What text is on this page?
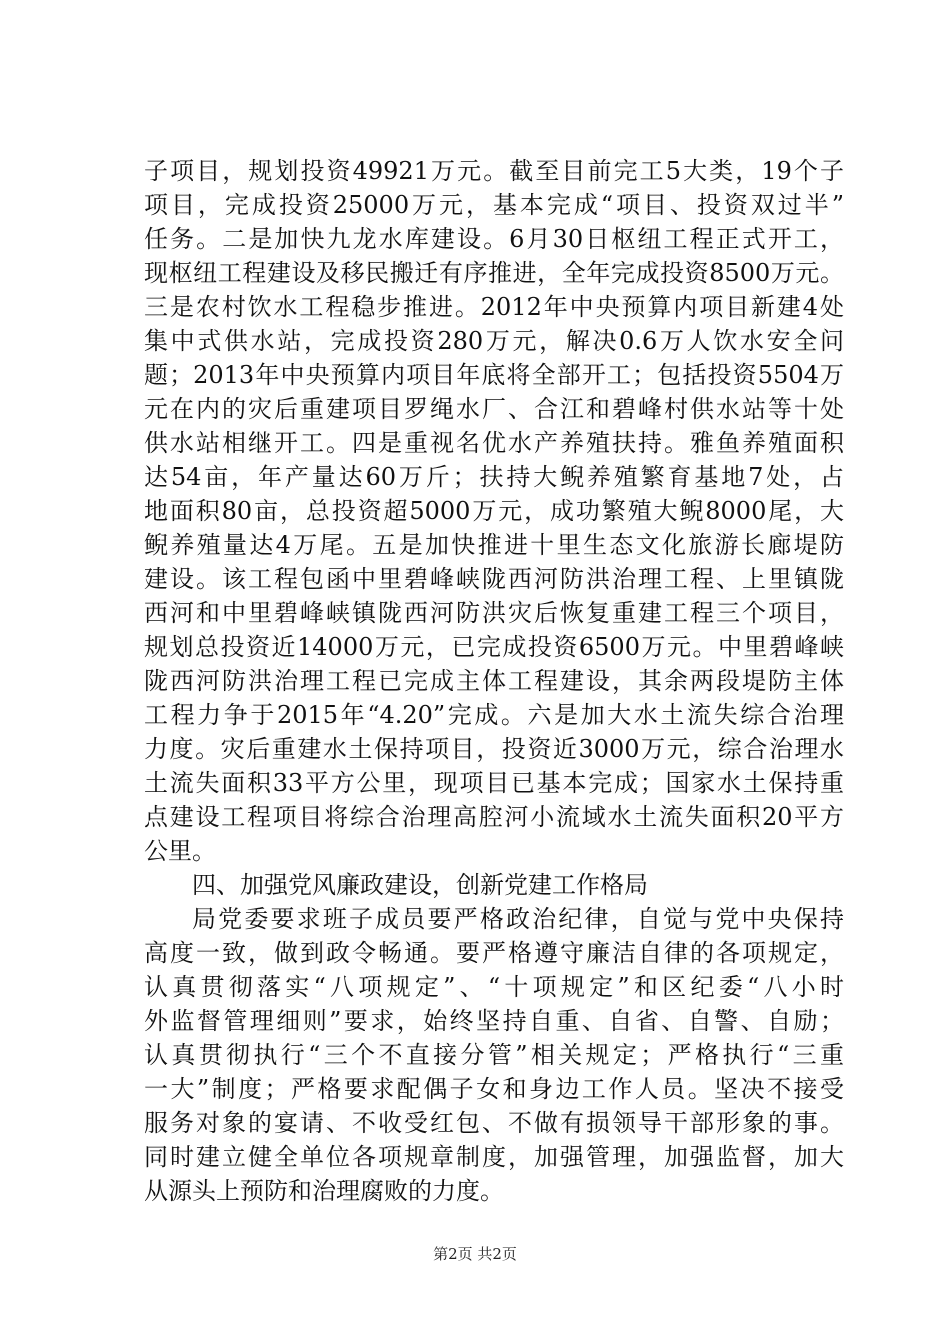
子项目，规划投资49921万元。截至目前完工5大类，19个子
项目，完成投资25000万元，基本完成“项目、投资双过半”
任务。二是加快九龙水库建设。6月30日枢纽工程正式开工，
现枢纽工程建设及移民搬迁有序推进，全年完成投资8500万元。
三是农村饮水工程稳步推进。2012年中央预算内项目新建4处
集中式供水站，完成投资280万元，解决0.6万人饮水安全问
题；2013年中央预算内项目年底将全部开工；包括投资5504万
元在内的灾后重建项目罗绳水厂、合江和碧峰村供水站等十处
供水站相继开工。四是重视名优水产养殖扶持。雅鱼养殖面积
达54亩，年产量达60万斤；扶持大鲵养殖繁育基地7处，占
地面积80亩，总投资超5000万元，成功繁殖大鲵8000尾，大
鲵养殖量达4万尾。五是加快推进十里生态文化旅游长廊堤防
建设。该工程包函中里碧峰峡陇西河防洪治理工程、上里镇陇
西河和中里碧峰峡镇陇西河防洪灾后恢复重建工程三个项目，
规划总投资近14000万元，已完成投资6500万元。中里碧峰峡
陇西河防洪治理工程已完成主体工程建设，其余两段堤防主体
工程力争于2015年“4.20”完成。六是加大水土流失综合治理
力度。灾后重建水土保持项目，投资近3000万元，综合治理水
土流失面积33平方公里，现项目已基本完成；国家水土保持重
点建设工程项目将综合治理高腔河小流域水土流失面积20平方
公里。
四、加强党风廉政建设，创新党建工作格局
局党委要求班子成员要严格政治纪律，自觉与党中央保持
高度一致，做到政令畅通。要严格遵守廉洁自律的各项规定，
认真贯彻落实“八项规定”、“十项规定”和区纪委“八小时
外监督管理细则”要求，始终坚持自重、自省、自警、自励；
认真贯彻执行“三个不直接分管”相关规定；严格执行“三重
一大”制度；严格要求配偶子女和身边工作人员。坚决不接受
服务对象的宴请、不收受红包、不做有损领导干部形象的事。
同时建立健全单位各项规章制度，加强管理，加强监督，加大
从源头上预防和治理腐败的力度。
第2页 共2页
